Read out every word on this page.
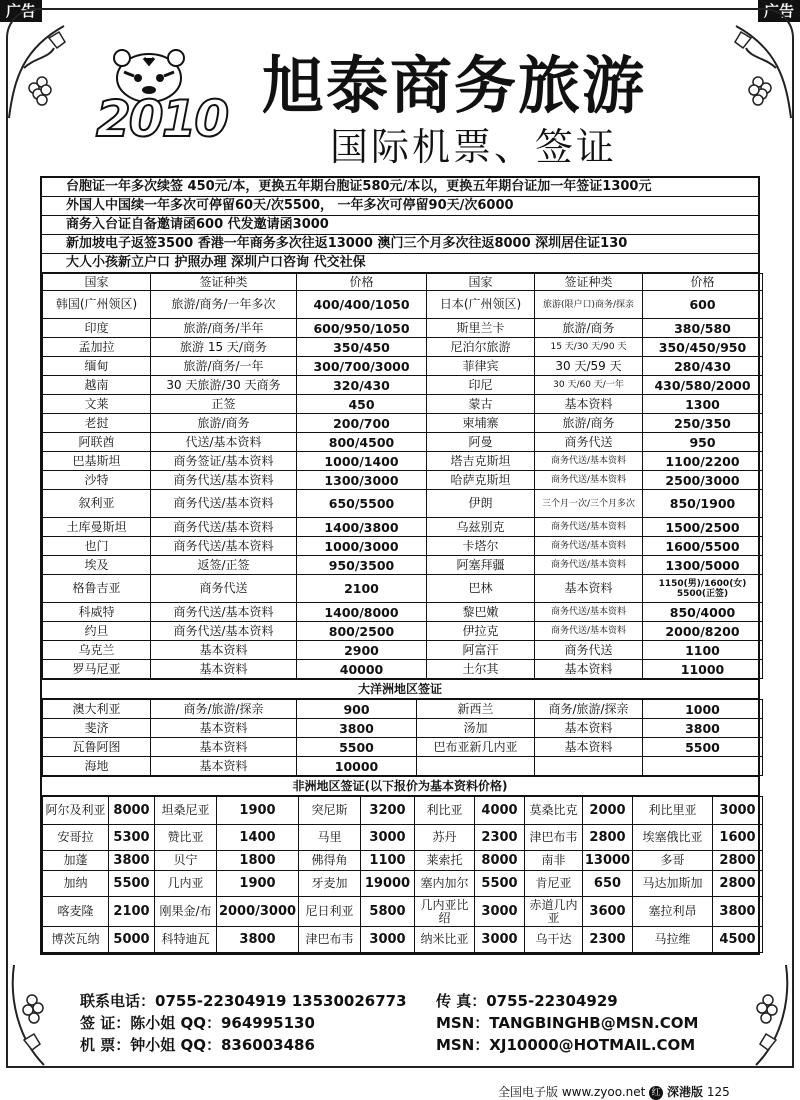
广告	广告
2010 旭泰商务旅游
国际机票、签证
台胞证一年多次续签 450元/本，更换五年期台胞证580元/本以，更换五年期台证加一年签证1300元
外国人中国续一年多次可停留60天/次5500， 一年多次可停留90天/次6000
商务入台证自备邀请函600 代发邀请函3000
新加坡电子返签3500 香港一年商务多次往返13000 澳门三个月多次往返8000 深圳居住证130
大人小孩新立户口 护照办理 深圳户口咨询 代交社保
国家	签证种类	价格	国家	签证种类	价格
韩国(广州领区)	旅游/商务/一年多次	400/400/1050	日本(广州领区)	旅游(限户口)商务/探亲	600
印度	旅游/商务/半年	600/950/1050	斯里兰卡	旅游/商务	380/580
孟加拉	旅游 15 天/商务	350/450	尼泊尔旅游	15 天/30 天/90 天	350/450/950
缅甸	旅游/商务/一年	300/700/3000	菲律宾	30 天/59 天	280/430
越南	30 天旅游/30 天商务	320/430	印尼	30 天/60 天/一年	430/580/2000
文莱	正签	450	蒙古	基本资料	1300
老挝	旅游/商务	200/700	柬埔寨	旅游/商务	250/350
阿联酋	代送/基本资料	800/4500	阿曼	商务代送	950
巴基斯坦	商务签证/基本资料	1000/1400	塔吉克斯坦	商务代送/基本资料	1100/2200
沙特	商务代送/基本资料	1300/3000	哈萨克斯坦	商务代送/基本资料	2500/3000
叙利亚	商务代送/基本资料	650/5500	伊朗	三个月一次/三个月多次	850/1900
土库曼斯坦	商务代送/基本资料	1400/3800	乌兹别克	商务代送/基本资料	1500/2500
也门	商务代送/基本资料	1000/3000	卡塔尔	商务代送/基本资料	1600/5500
埃及	返签/正签	950/3500	阿塞拜疆	商务代送/基本资料	1300/5000
格鲁吉亚	商务代送	2100	巴林	基本资料	1150(男)/1600(女) 5500(正签)
科威特	商务代送/基本资料	1400/8000	黎巴嫩	商务代送/基本资料	850/4000
约旦	商务代送/基本资料	800/2500	伊拉克	商务代送/基本资料	2000/8200
乌克兰	基本资料	2900	阿富汗	商务代送	1100
罗马尼亚	基本资料	40000	土尔其	基本资料	11000
大洋洲地区签证
澳大利亚	商务/旅游/探亲	900	新西兰	商务/旅游/探亲	1000
斐济	基本资料	3800	汤加	基本资料	3800
瓦鲁阿图	基本资料	5500	巴布亚新几内亚	基本资料	5500
海地	基本资料	10000			
非洲地区签证(以下报价为基本资料价格)
阿尔及利亚	8000	坦桑尼亚	1900	突尼斯	3200	利比亚	4000	莫桑比克	2000	利比里亚	3000
安哥拉	5300	赞比亚	1400	马里	3000	苏丹	2300	津巴布韦	2800	埃塞俄比亚	1600
加蓬	3800	贝宁	1800	佛得角	1100	莱索托	8000	南非	13000	多哥	2800
加纳	5500	几内亚	1900	牙麦加	19000	塞内加尔	5500	肯尼亚	650	马达加斯加	2800
喀麦隆	2100	刚果金/布	2000/3000	尼日利亚	5800	几内亚比绍	3000	赤道几内亚	3600	塞拉利昂	3800
博茨瓦纳	5000	科特迪瓦	3800	津巴布韦	3000	纳米比亚	3000	乌干达	2300	马拉维	4500
联系电话：0755-22304919 13530026773 传 真：0755-22304929
签 证：陈小姐 QQ：964995130	MSN：TANGBINGHB@MSN.COM
机 票：钟小姐 QQ：836003486	MSN：XJ10000@HOTMAIL.COM
全国电子版 www.zyoo.net 红 深港版 125
